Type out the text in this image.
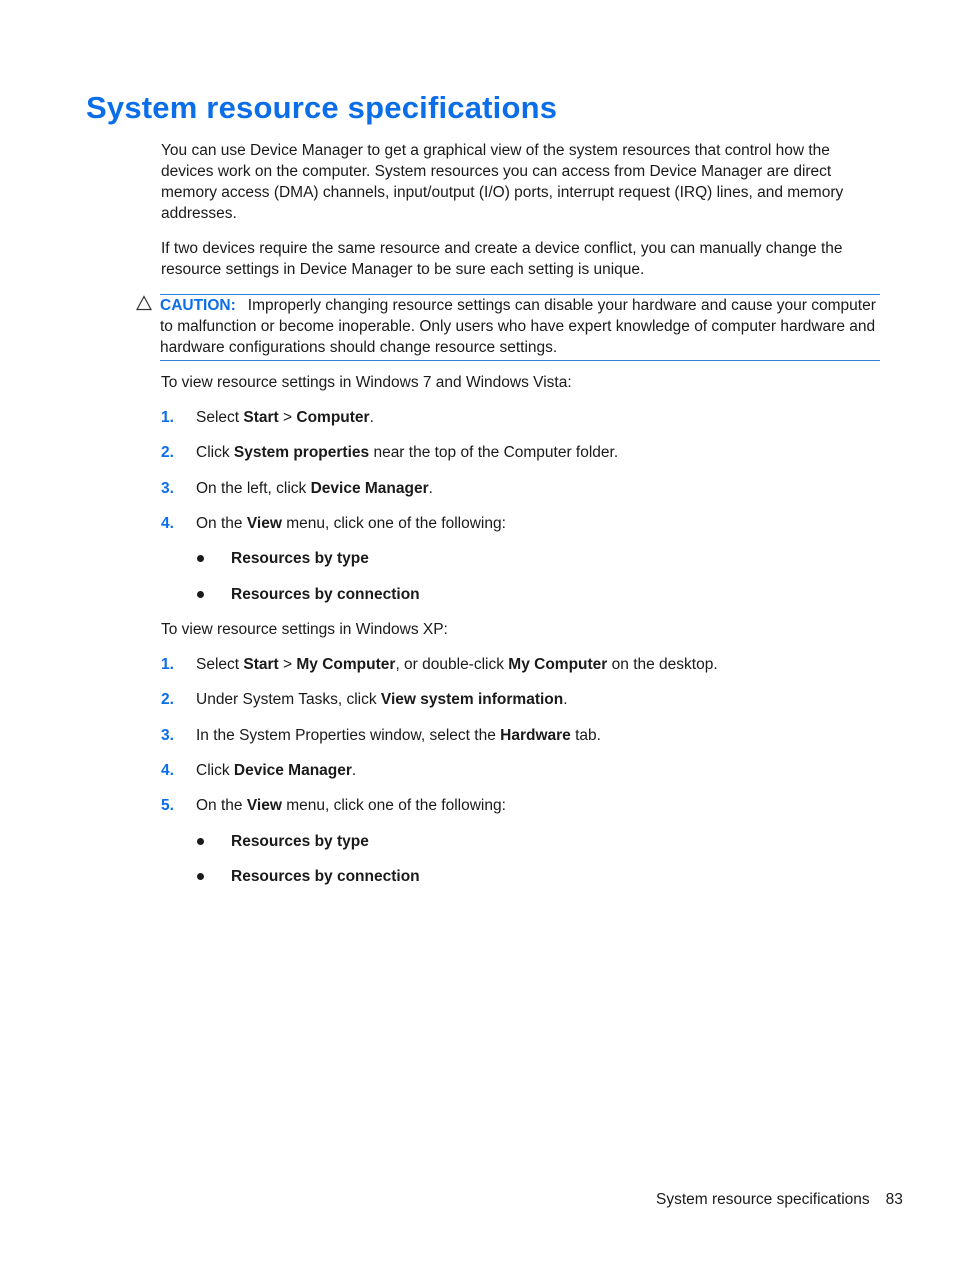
System resource specifications

You can use Device Manager to get a graphical view of the system resources that control how the devices work on the computer. System resources you can access from Device Manager are direct memory access (DMA) channels, input/output (I/O) ports, interrupt request (IRQ) lines, and memory addresses.

If two devices require the same resource and create a device conflict, you can manually change the resource settings in Device Manager to be sure each setting is unique.

CAUTION: Improperly changing resource settings can disable your hardware and cause your computer to malfunction or become inoperable. Only users who have expert knowledge of computer hardware and hardware configurations should change resource settings.

To view resource settings in Windows 7 and Windows Vista:

1. Select Start > Computer.
2. Click System properties near the top of the Computer folder.
3. On the left, click Device Manager.
4. On the View menu, click one of the following:
Resources by type
Resources by connection

To view resource settings in Windows XP:

1. Select Start > My Computer, or double-click My Computer on the desktop.
2. Under System Tasks, click View system information.
3. In the System Properties window, select the Hardware tab.
4. Click Device Manager.
5. On the View menu, click one of the following:
Resources by type
Resources by connection
System resource specifications 83
